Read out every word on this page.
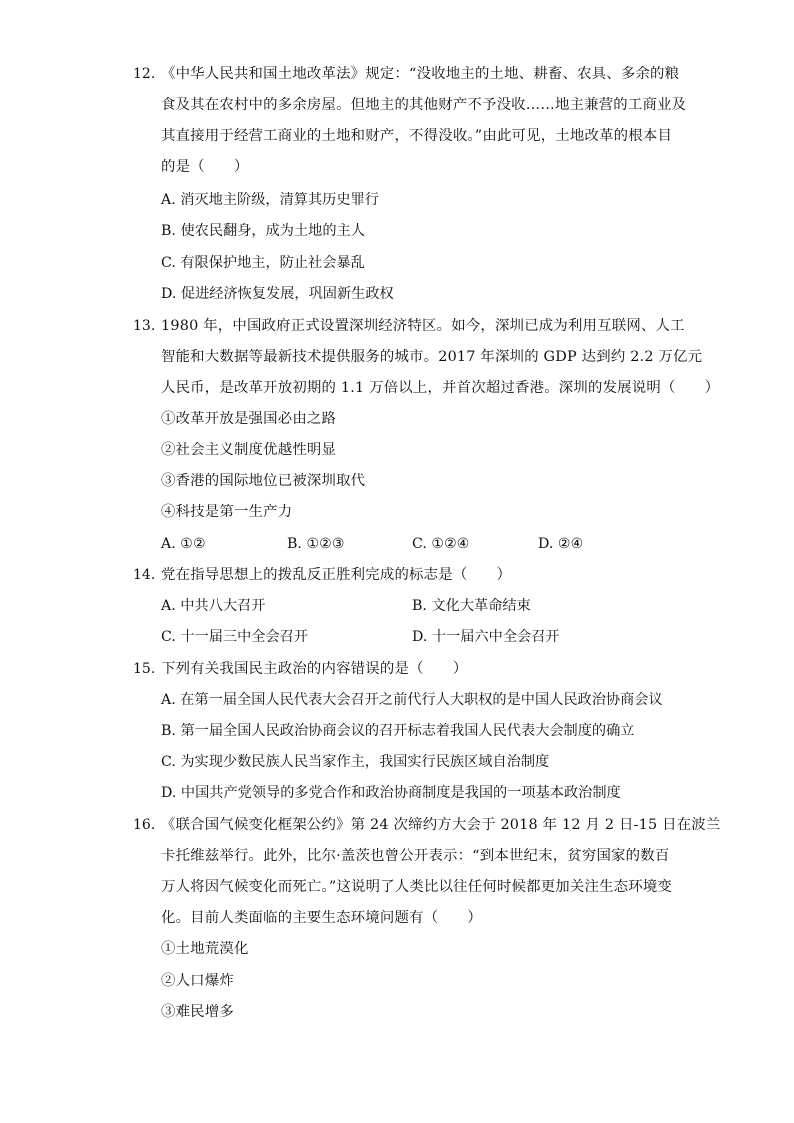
12. 《中华人民共和国土地改革法》规定：“没收地主的土地、耕畜、农具、多余的粮
食及其在农村中的多余房屋。但地主的其他财产不予没收……地主兼营的工商业及
其直接用于经营工商业的土地和财产，不得没收。”由此可见，土地改革的根本目
的是（　　）
A. 消灭地主阶级，清算其历史罪行
B. 使农民翻身，成为土地的主人
C. 有限保护地主，防止社会暴乱
D. 促进经济恢复发展，巩固新生政权
13. 1980 年，中国政府正式设置深圳经济特区。如今，深圳已成为利用互联网、人工
智能和大数据等最新技术提供服务的城市。2017 年深圳的 GDP 达到约 2.2 万亿元
人民币，是改革开放初期的 1.1 万倍以上，并首次超过香港。深圳的发展说明（　　）
①改革开放是强国必由之路
②社会主义制度优越性明显
③香港的国际地位已被深圳取代
④科技是第一生产力
A. ①②	B. ①②③	C. ①②④	D. ②④
14. 党在指导思想上的拨乱反正胜利完成的标志是（　　）
A. 中共八大召开	B. 文化大革命结束
C. 十一届三中全会召开	D. 十一届六中全会召开
15. 下列有关我国民主政治的内容错误的是（　　）
A. 在第一届全国人民代表大会召开之前代行人大职权的是中国人民政治协商会议
B. 第一届全国人民政治协商会议的召开标志着我国人民代表大会制度的确立
C. 为实现少数民族人民当家作主，我国实行民族区域自治制度
D. 中国共产党领导的多党合作和政治协商制度是我国的一项基本政治制度
16. 《联合国气候变化框架公约》第 24 次缔约方大会于 2018 年 12 月 2 日-15 日在波兰
卡托维兹举行。此外，比尔·盖茨也曾公开表示：“到本世纪末，贫穷国家的数百
万人将因气候变化而死亡。”这说明了人类比以往任何时候都更加关注生态环境变
化。目前人类面临的主要生态环境问题有（　　）
①土地荒漠化
②人口爆炸
③难民增多
